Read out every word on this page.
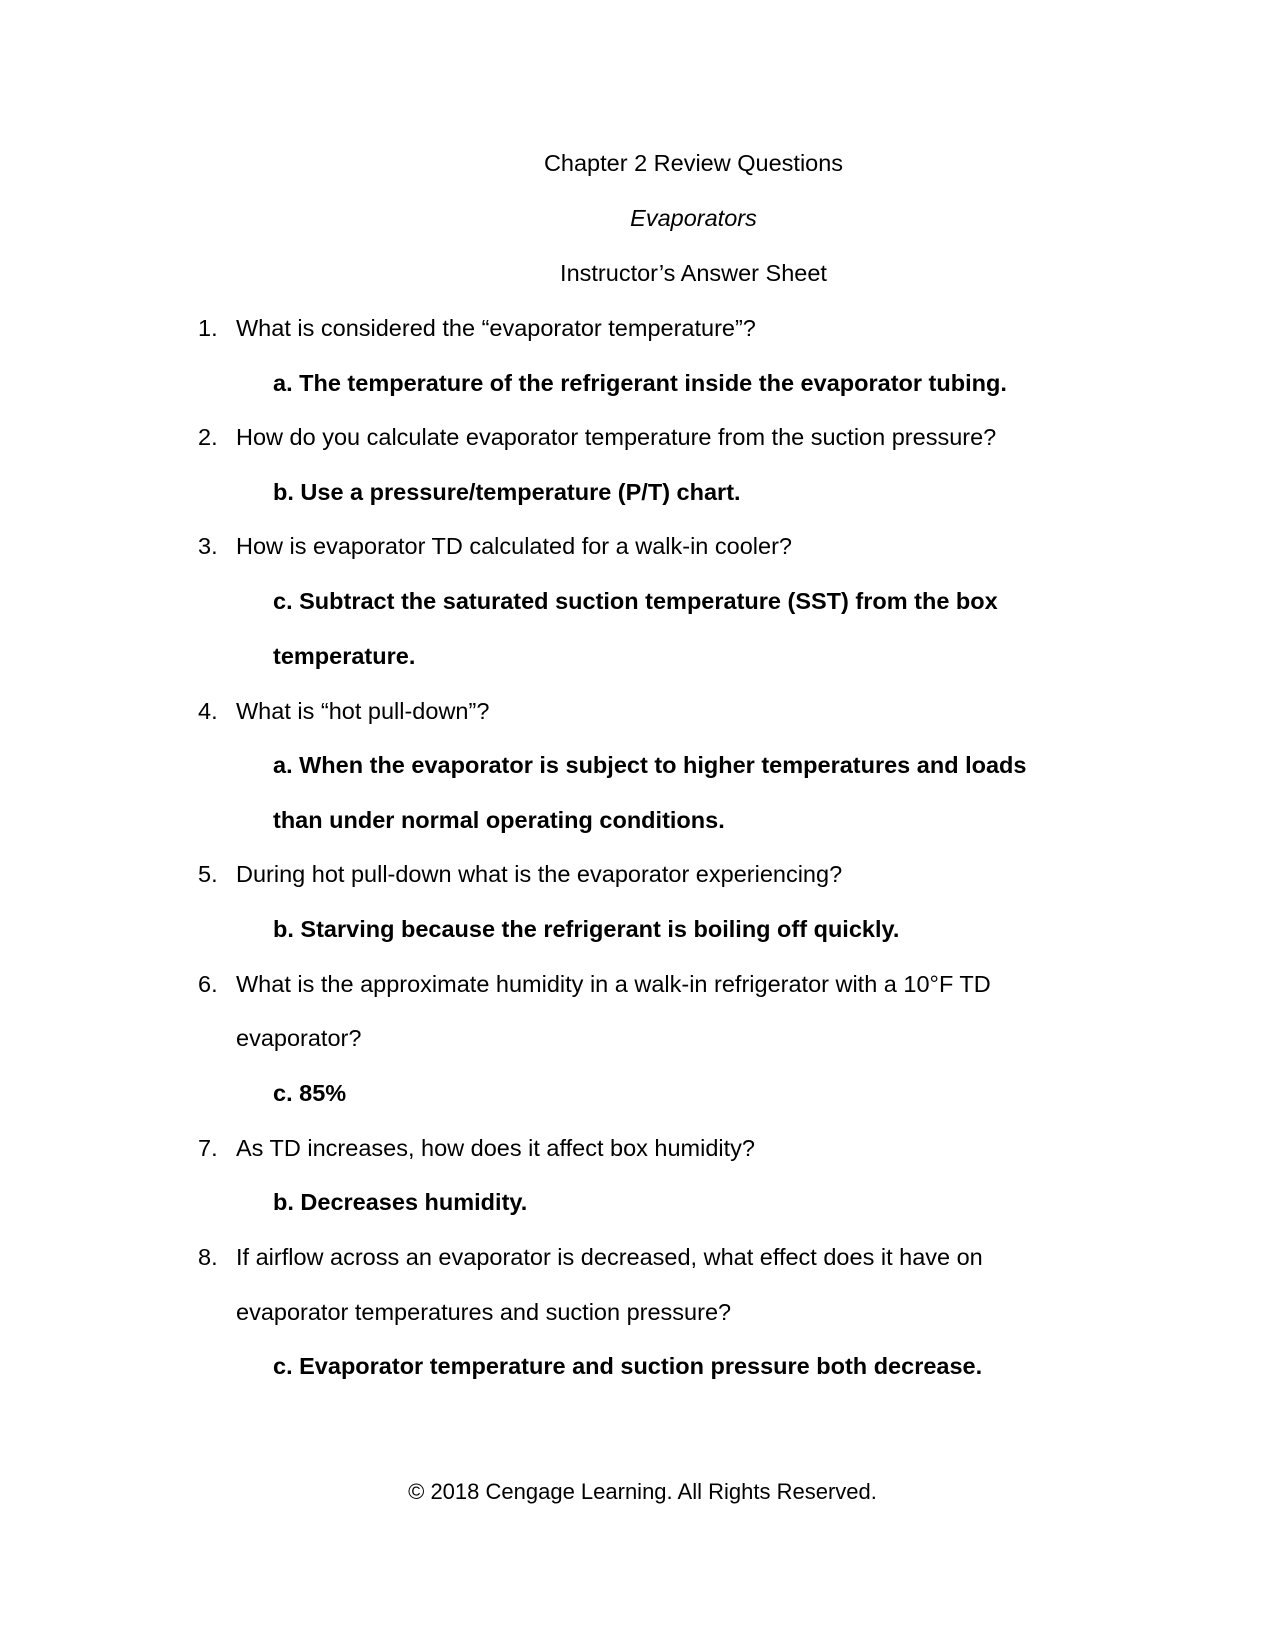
Chapter 2 Review Questions
Evaporators
Instructor’s Answer Sheet
1. What is considered the “evaporator temperature”?
a. The temperature of the refrigerant inside the evaporator tubing.
2. How do you calculate evaporator temperature from the suction pressure?
b. Use a pressure/temperature (P/T) chart.
3. How is evaporator TD calculated for a walk-in cooler?
c. Subtract the saturated suction temperature (SST) from the box
temperature.
4. What is “hot pull-down”?
a. When the evaporator is subject to higher temperatures and loads
than under normal operating conditions.
5. During hot pull-down what is the evaporator experiencing?
b. Starving because the refrigerant is boiling off quickly.
6. What is the approximate humidity in a walk-in refrigerator with a 10°F TD
evaporator?
c. 85%
7. As TD increases, how does it affect box humidity?
b. Decreases humidity.
8. If airflow across an evaporator is decreased, what effect does it have on
evaporator temperatures and suction pressure?
c. Evaporator temperature and suction pressure both decrease.
© 2018 Cengage Learning. All Rights Reserved.
